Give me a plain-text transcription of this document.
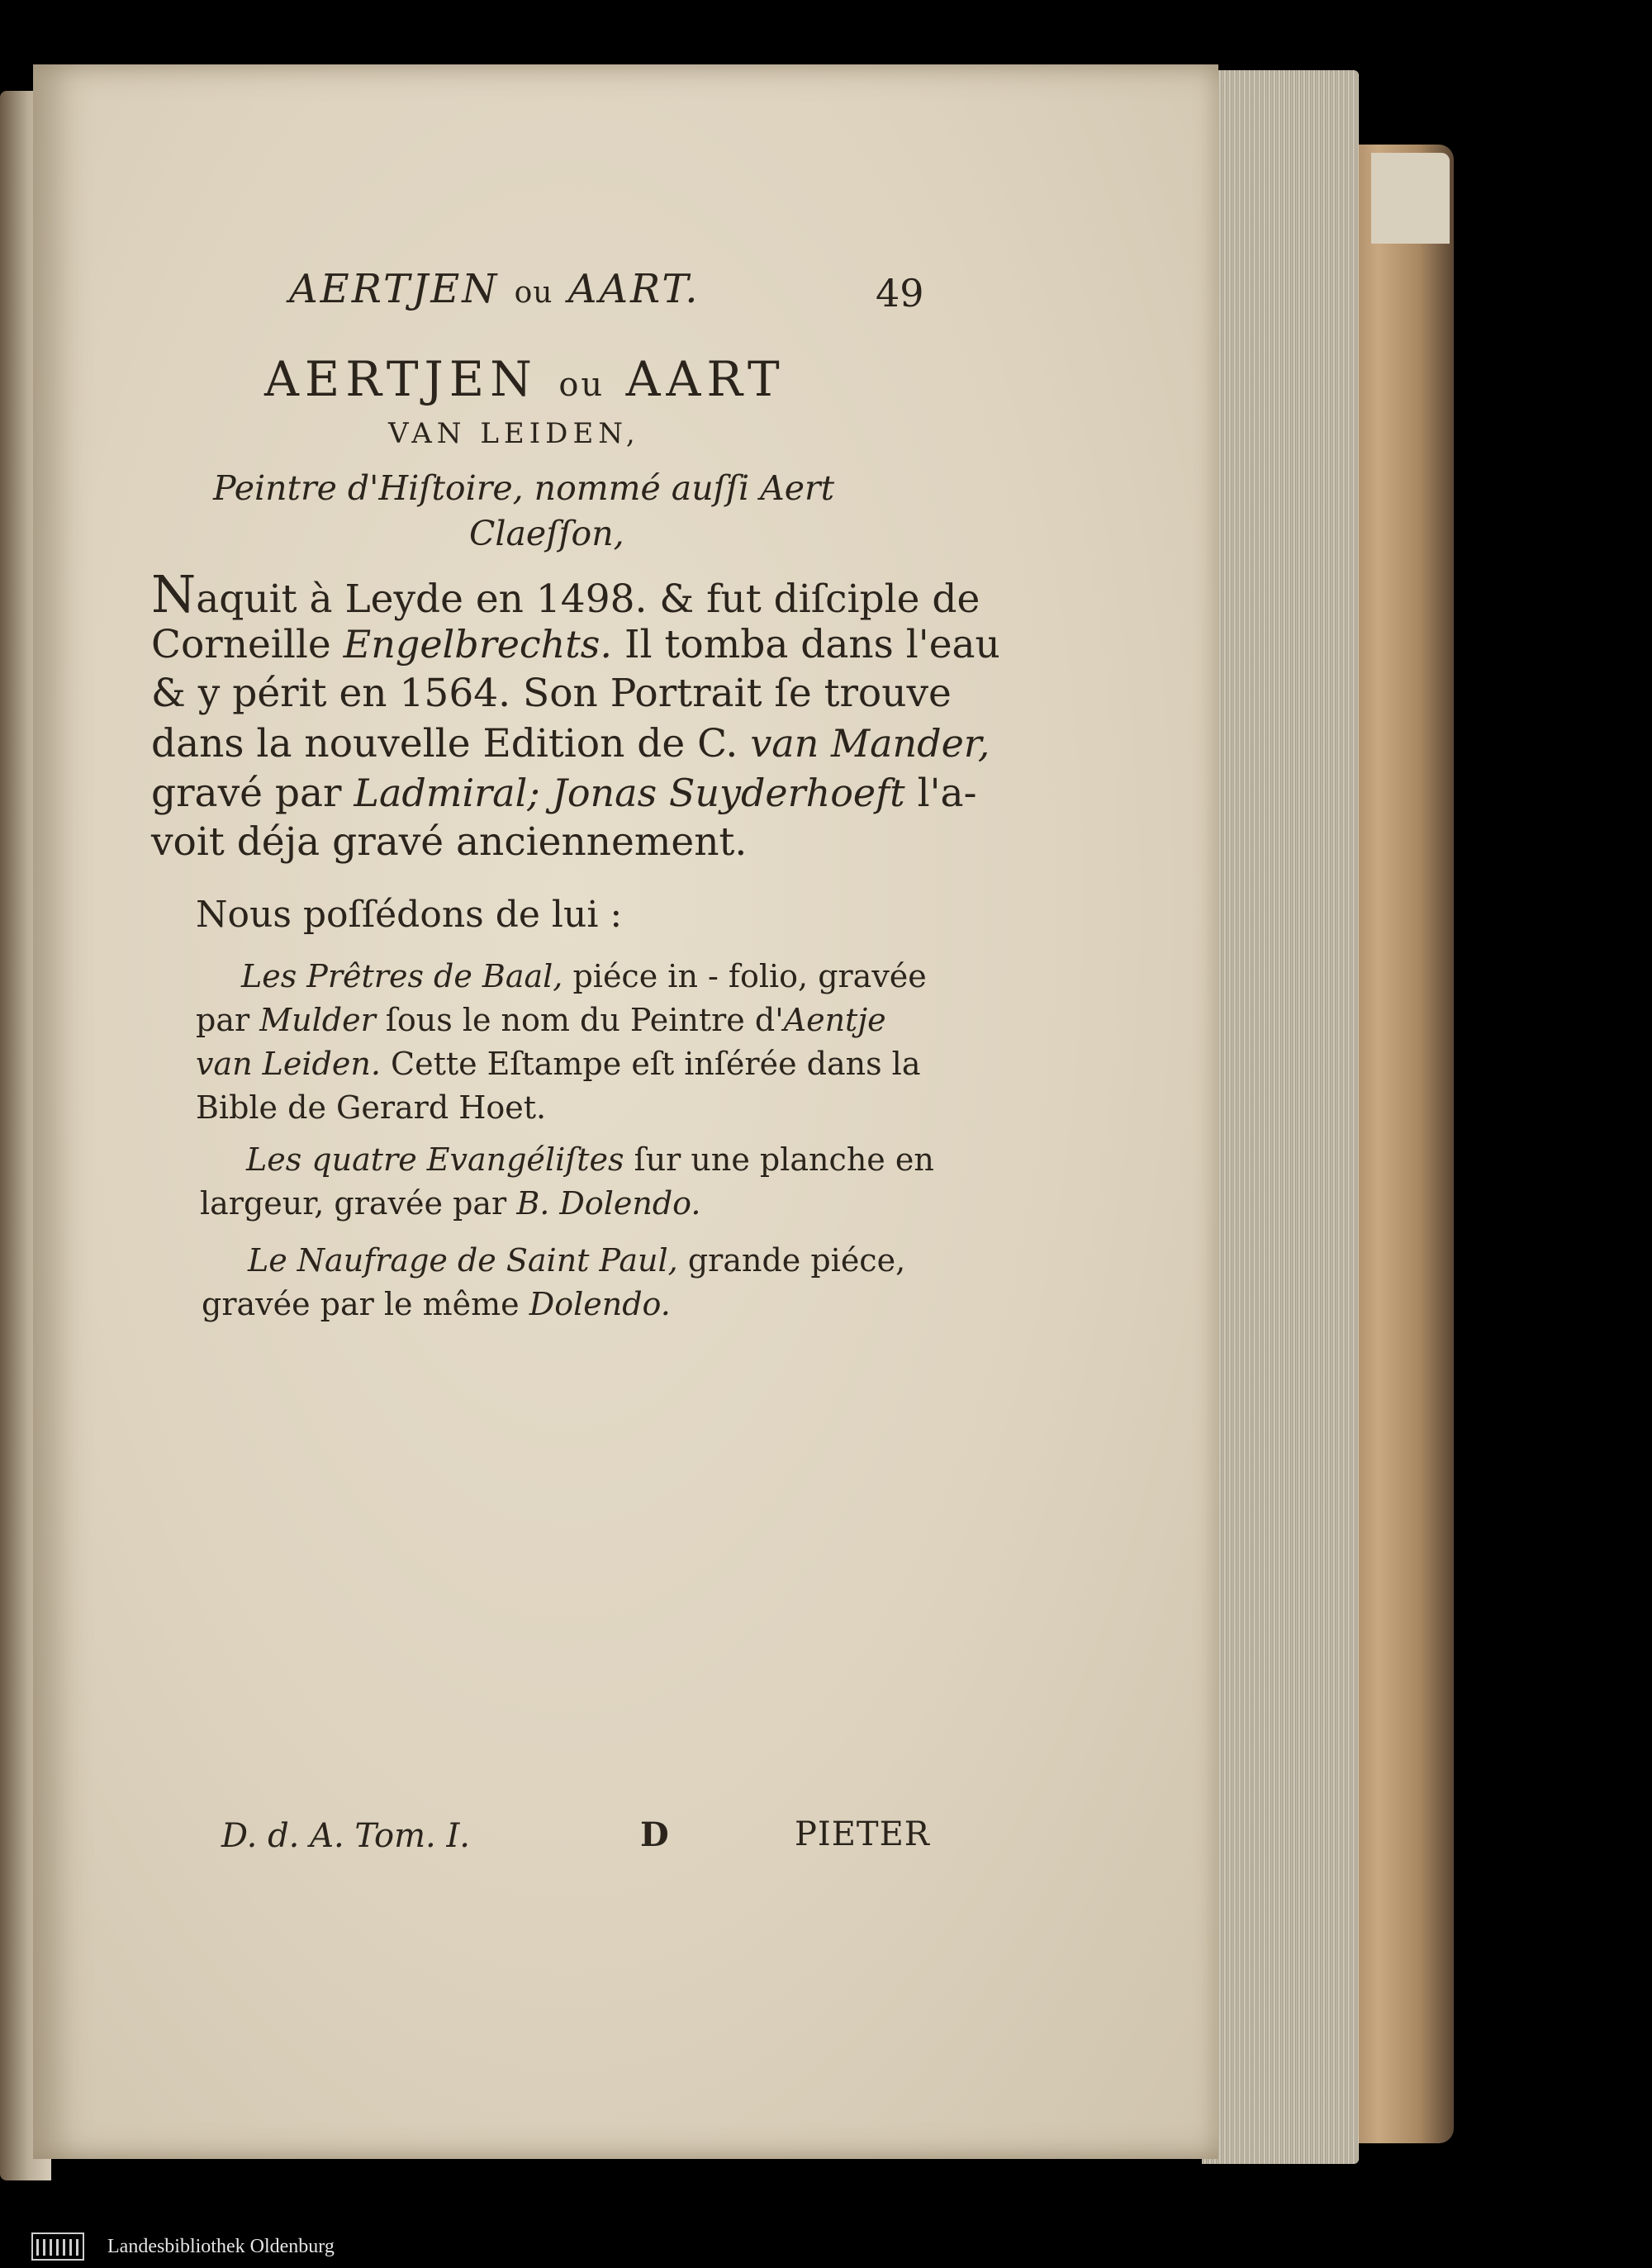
AERTJEN ou AART.	49
AERTJEN ou AART
VAN LEIDEN,
Peintre d'Hiſtoire, nommé auſſi Aert
Claeſſon,
Naquit à Leyde en 1498. & fut diſciple de
Corneille Engelbrechts. Il tomba dans l'eau
& y périt en 1564. Son Portrait ſe trouve
dans la nouvelle Edition de C. van Mander,
gravé par Ladmiral; Jonas Suyderhoeft l'a-
voit déja gravé anciennement.
Nous poſſédons de lui :
Les Prêtres de Baal, piéce in - folio, gravée
par Mulder ſous le nom du Peintre d'Aentje
van Leiden. Cette Eſtampe eſt inſérée dans la
Bible de Gerard Hoet.
Les quatre Evangéliſtes ſur une planche en
largeur, gravée par B. Dolendo.
Le Naufrage de Saint Paul, grande piéce,
gravée par le même Dolendo.
D. d. A. Tom. I.	D	PIETER
Landesbibliothek Oldenburg
